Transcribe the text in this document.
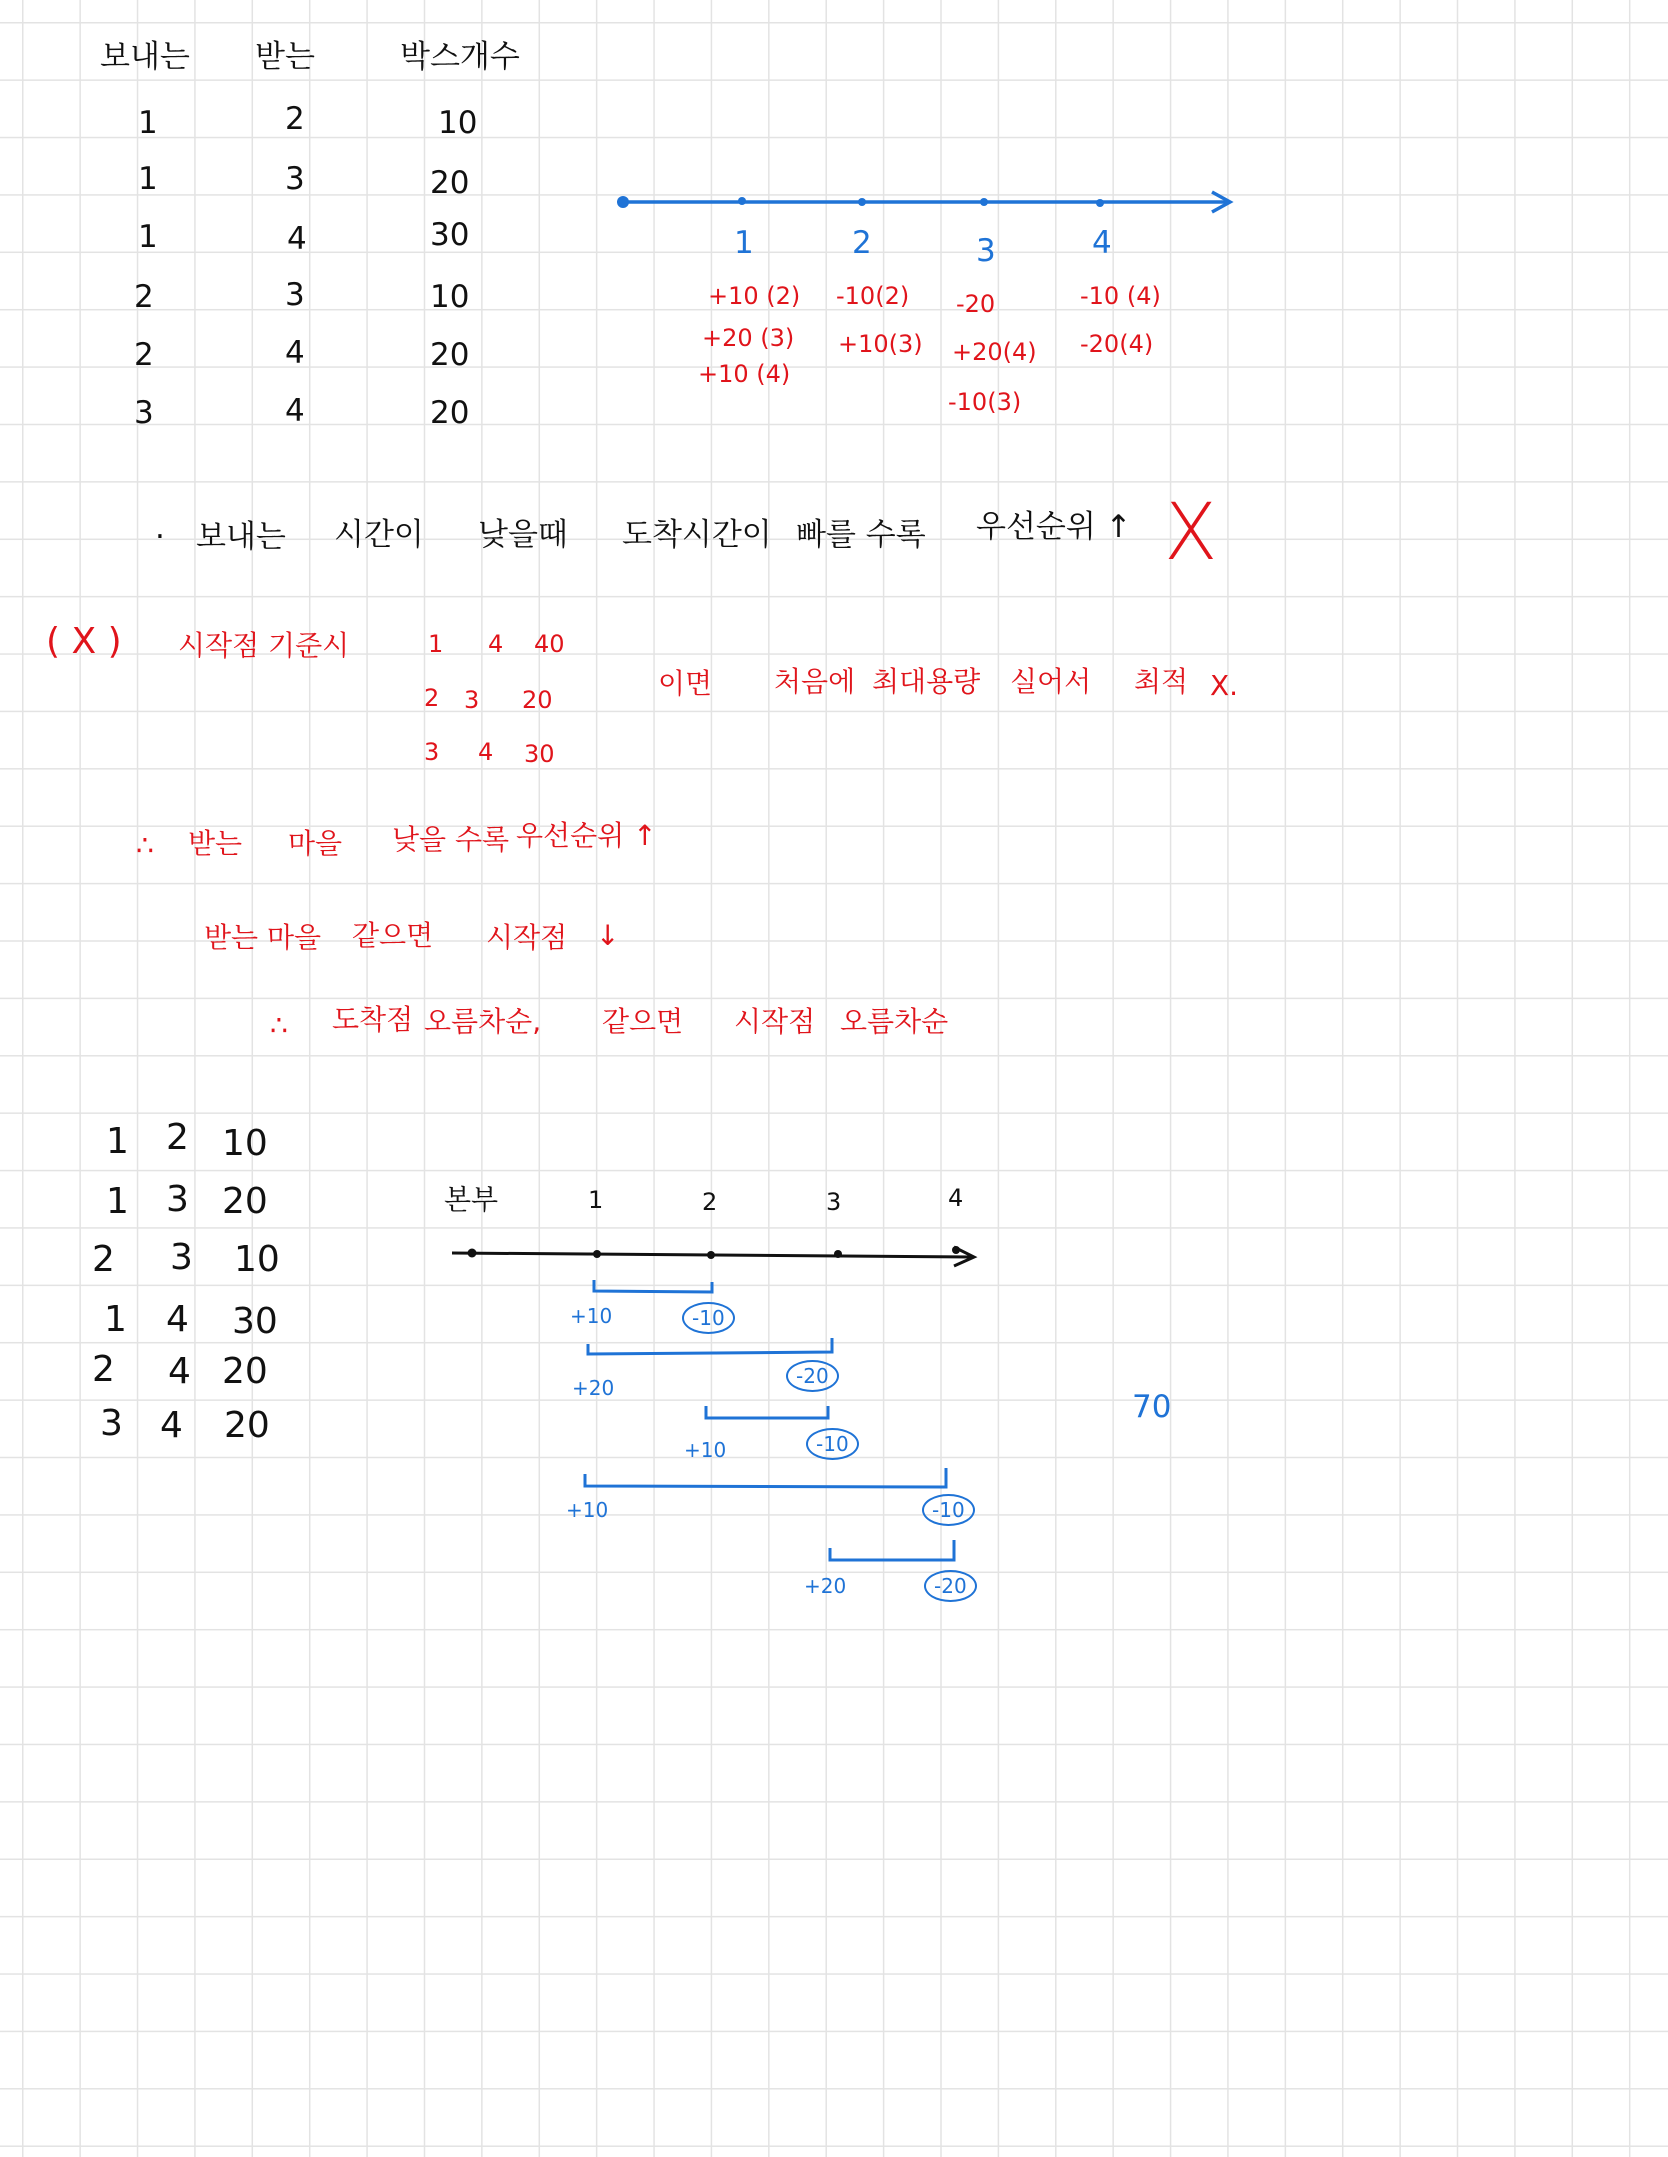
보내는 받는	박스개수
1	2	10
1	3	20
1	4	30
2	3	10
2	4	20
3	4	20
1	2	3	4
+10 (2)
+20 (3)
+10 (4)
-10(2)
+10(3)
-20
+20(4)
-10(3)
-10 (4)
-20(4)
· 보내는 시간이 낮을때 도착시간이 빠를 수록 우선순위 ↑ X
( X ) 시작점 기준시	1 4 40
2 3 20
3 4 30
이면 처음에 최대용량 실어서 최적 X.
∴ 받는 마을 낮을 수록 우선순위 ↑
받는 마을 같으면 시작점 ↓
∴ 도착점 오름차순, 같으면 시작점 오름차순
1 2 10
1 3 20
2 3 10
1 4 30
2 4 20
3 4 20
본부	1	2	3	4
+10	-10
+20	-20
+10	-10
+10	-10
+20	-20
70
